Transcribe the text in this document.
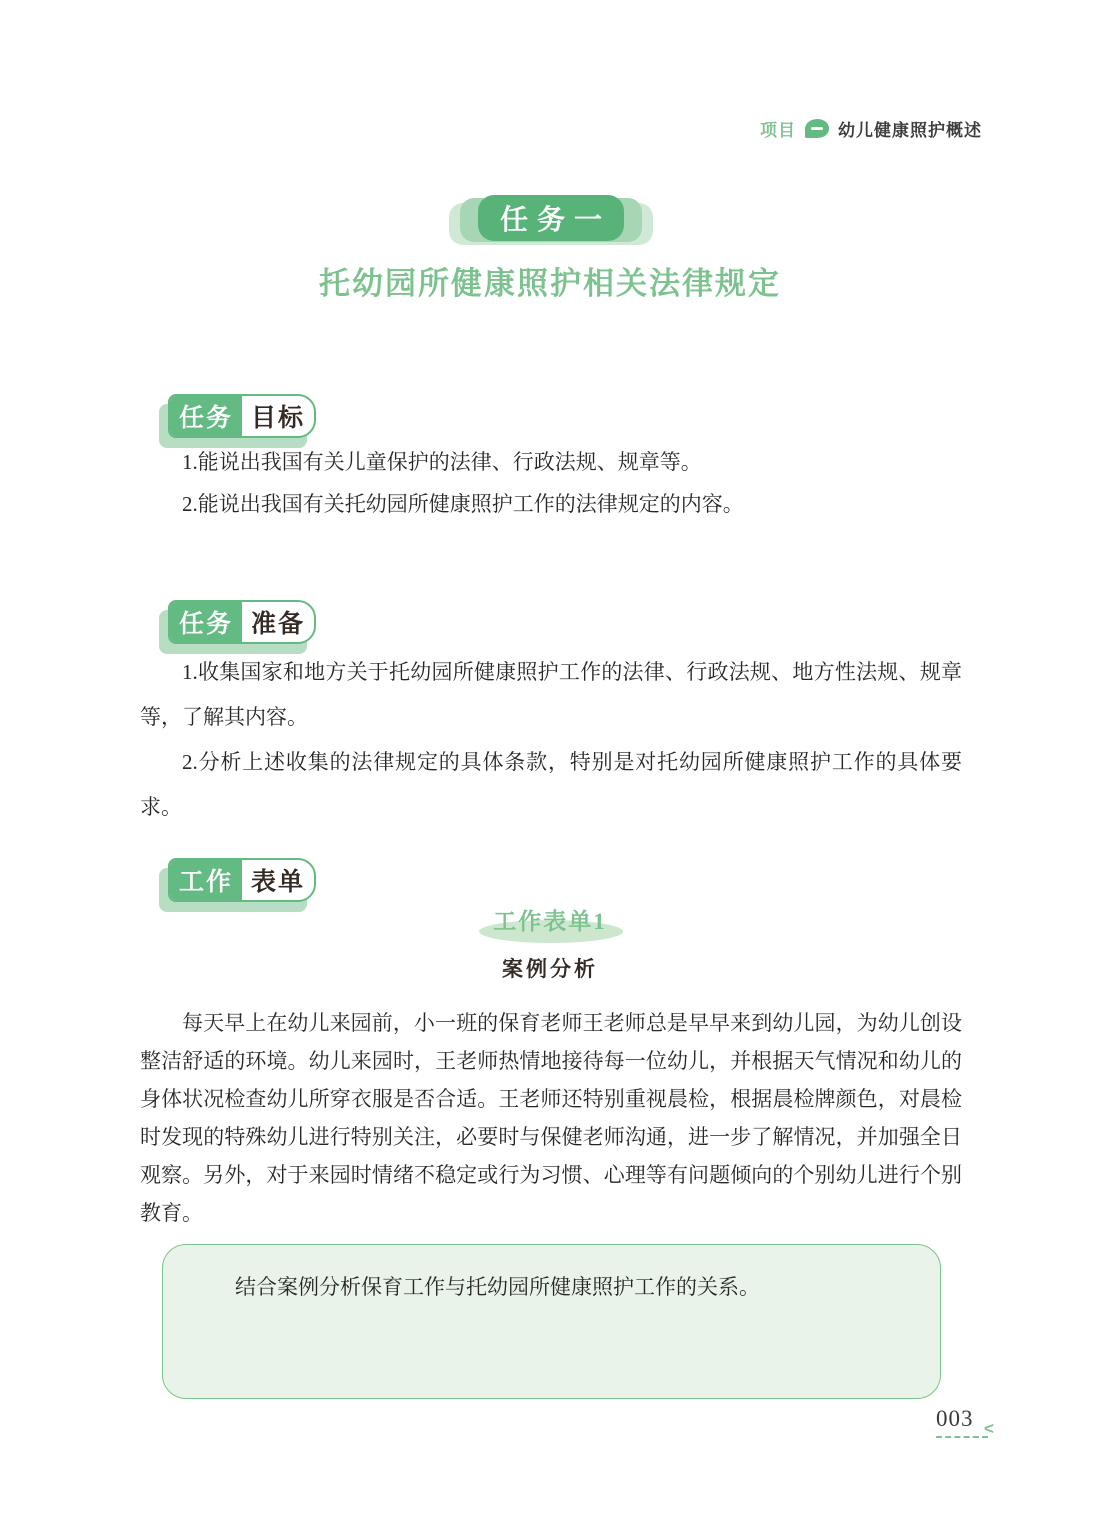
项目 幼儿健康照护概述
任务一
托幼园所健康照护相关法律规定
任务 目标

1.能说出我国有关儿童保护的法律、行政法规、规章等。

2.能说出我国有关托幼园所健康照护工作的法律规定的内容。

任务 准备

1.收集国家和地方关于托幼园所健康照护工作的法律、行政法规、地方性法规、规章等，了解其内容。

2.分析上述收集的法律规定的具体条款，特别是对托幼园所健康照护工作的具体要求。

工作 表单
工作表单1
案例分析

每天早上在幼儿来园前，小一班的保育老师王老师总是早早来到幼儿园，为幼儿创设整洁舒适的环境。幼儿来园时，王老师热情地接待每一位幼儿，并根据天气情况和幼儿的身体状况检查幼儿所穿衣服是否合适。王老师还特别重视晨检，根据晨检牌颜色，对晨检时发现的特殊幼儿进行特别关注，必要时与保健老师沟通，进一步了解情况，并加强全日观察。另外，对于来园时情绪不稳定或行为习惯、心理等有问题倾向的个别幼儿进行个别教育。

结合案例分析保育工作与托幼园所健康照护工作的关系。

003 <
